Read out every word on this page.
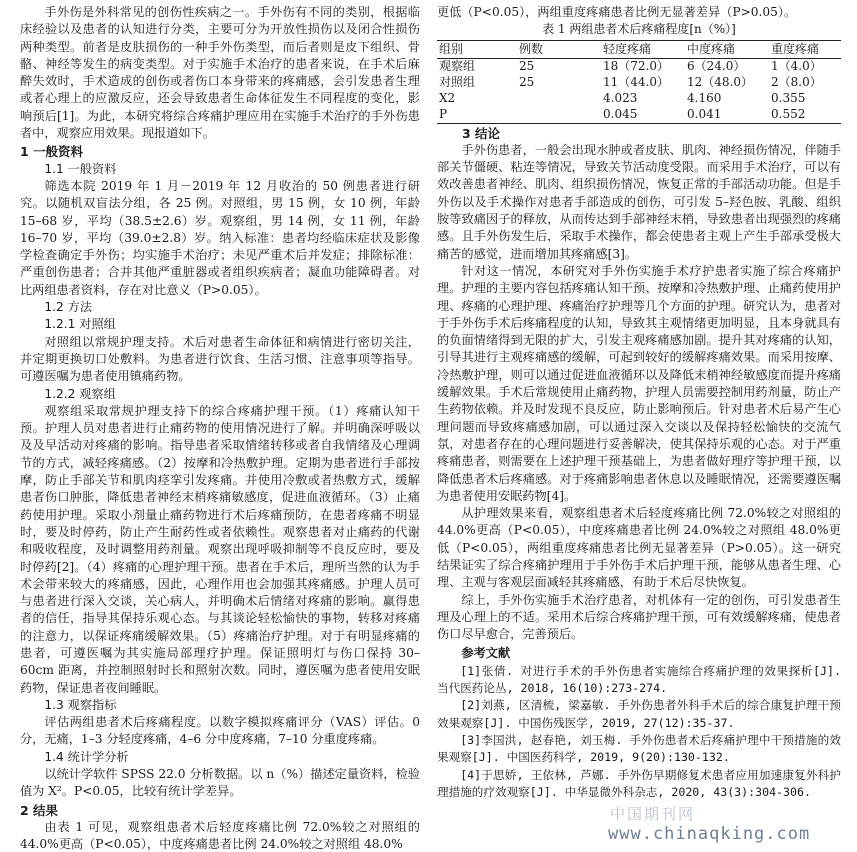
手外伤是外科常见的创伤性疾病之一。手外伤有不同的类别，根据临床经验以及患者的认知进行分类，主要可分为开放性损伤以及闭合性损伤两种类型。前者是皮肤损伤的一种手外伤类型，而后者则是皮下组织、骨骼、神经等发生的病变类型。对于实施手术治疗的患者来说，在手术后麻醉失效时，手术造成的创伤或者伤口本身带来的疼痛感，会引发患者生理或者心理上的应激反应，还会导致患者生命体征发生不同程度的变化，影响预后[1]。为此，本研究将综合疼痛护理应用在实施手术治疗的手外伤患者中，观察应用效果。现报道如下。

1 一般资料
1.1 一般资料

筛选本院 2019 年 1 月－2019 年 12 月收治的 50 例患者进行研究。以随机双盲法分组，各 25 例。对照组，男 15 例，女 10 例，年龄 15–68 岁，平均（38.5±2.6）岁。观察组，男 14 例，女 11 例，年龄 16–70 岁，平均（39.0±2.8）岁。纳入标准：患者均经临床症状及影像学检查确定手外伤；均实施手术治疗；未见严重术后并发症；排除标准：严重创伤患者；合并其他严重脏器或者组织疾病者；凝血功能障碍者。对比两组患者资料，存在对比意义（P>0.05）。

1.2 方法
1.2.1 对照组

对照组以常规护理支持。术后对患者生命体征和病情进行密切关注，并定期更换切口处敷料。为患者进行饮食、生活习惯、注意事项等指导。可遵医嘱为患者使用镇痛药物。

1.2.2 观察组

观察组采取常规护理支持下的综合疼痛护理干预。（1）疼痛认知干预。护理人员对患者进行止痛药物的使用情况进行了解。并明确深呼吸以及及早活动对疼痛的影响。指导患者采取情绪转移或者自我情绪及心理调节的方式，减轻疼痛感。（2）按摩和冷热敷护理。定期为患者进行手部按摩，防止手部关节和肌肉痉挛引发疼痛。并使用冷敷或者热敷方式，缓解患者伤口肿胀，降低患者神经末梢疼痛敏感度，促进血液循环。（3）止痛药使用护理。采取小剂量止痛药物进行术后疼痛预防，在患者疼痛不明显时，要及时停药，防止产生耐药性或者依赖性。观察患者对止痛药的代谢和吸收程度，及时调整用药剂量。观察出现呼吸抑制等不良反应时，要及时停药[2]。（4）疼痛的心理护理干预。患者在手术后，理所当然的认为手术会带来较大的疼痛感，因此，心理作用也会加强其疼痛感。护理人员可与患者进行深入交谈，关心病人，并明确术后情绪对疼痛的影响。赢得患者的信任，指导其保持乐观心态。与其谈论轻松愉快的事物，转移对疼痛的注意力，以保证疼痛缓解效果。（5）疼痛治疗护理。对于有明显疼痛的患者，可遵医嘱为其实施局部理疗护理。保证照明灯与伤口保持 30–60cm 距离，并控制照射时长和照射次数。同时，遵医嘱为患者使用安眠药物，保证患者夜间睡眠。

1.3 观察指标

评估两组患者术后疼痛程度。以数字模拟疼痛评分（VAS）评估。0 分，无痛，1–3 分轻度疼痛，4–6 分中度疼痛，7–10 分重度疼痛。

1.4 统计学分析

以统计学软件 SPSS 22.0 分析数据。以 n（%）描述定量资料，检验值为 X²。P<0.05，比较有统计学差异。

2 结果

由表 1 可见，观察组患者术后轻度疼痛比例 72.0%较之对照组的 44.0%更高（P<0.05），中度疼痛患者比例 24.0%较之对照组 48.0%

更低（P<0.05），两组重度疼痛患者比例无显著差异（P>0.05）。

表 1 两组患者术后疼痛程度[n（%）]
组别	例数	轻度疼痛	中度疼痛	重度疼痛
观察组	25	18（72.0）	6（24.0）	1（4.0）
对照组	25	11（44.0）	12（48.0）	2（8.0）
X2		4.023	4.160	0.355
P		0.045	0.041	0.552
3 结论

手外伤患者，一般会出现水肿或者皮肤、肌肉、神经损伤情况，伴随手部关节僵硬、粘连等情况，导致关节活动度受限。而采用手术治疗，可以有效改善患者神经、肌肉、组织损伤情况，恢复正常的手部活动功能。但是手外伤以及手术操作对患者手部造成的创伤，可引发 5–羟色胺、乳酸、组织胺等致痛因子的释放，从而传达到手部神经末梢，导致患者出现强烈的疼痛感。且手外伤发生后，采取手术操作，都会使患者主观上产生手部承受极大痛苦的感觉，进而增加其疼痛感[3]。

针对这一情况，本研究对手外伤实施手术疗护患者实施了综合疼痛护理。护理的主要内容包括疼痛认知干预、按摩和冷热敷护理、止痛药使用护理、疼痛的心理护理、疼痛治疗护理等几个方面的护理。研究认为，患者对于手外伤手术后疼痛程度的认知，导致其主观情绪更加明显，且本身就具有的负面情绪得到无限的扩大，引发主观疼痛感加剧。提升其对疼痛的认知，引导其进行主观疼痛感的缓解，可起到较好的缓解疼痛效果。而采用按摩、冷热敷护理，则可以通过促进血液循环以及降低末梢神经敏感度而提升疼痛缓解效果。手术后常规使用止痛药物，护理人员需要控制用药剂量，防止产生药物依赖。并及时发现不良反应，防止影响预后。针对患者术后易产生心理问题而导致疼痛感加剧，可以通过深入交谈以及保持轻松愉快的交流气氛，对患者存在的心理问题进行妥善解决，使其保持乐观的心态。对于严重疼痛患者，则需要在上述护理干预基础上，为患者做好理疗等护理干预，以降低患者术后疼痛感。对于疼痛影响患者休息以及睡眠情况，还需要遵医嘱为患者使用安眠药物[4]。

从护理效果来看，观察组患者术后轻度疼痛比例 72.0%较之对照组的 44.0%更高（P<0.05），中度疼痛患者比例 24.0%较之对照组 48.0%更低（P<0.05），两组重度疼痛患者比例无显著差异（P>0.05）。这一研究结果证实了综合疼痛护理用于手外伤手术后护理干预，能够从患者生理、心理、主观与客观层面减轻其疼痛感，有助于术后尽快恢复。

综上，手外伤实施手术治疗患者，对机体有一定的创伤，可引发患者生理及心理上的不适。采用术后综合疼痛护理干预，可有效缓解疼痛，使患者伤口尽早愈合，完善预后。

参考文献
[1]张倩. 对进行手术的手外伤患者实施综合疼痛护理的效果探析[J]. 当代医药论丛, 2018, 16(10):273-274.
[2]刘燕, 区清梳, 梁嘉敏. 手外伤患者外科手术后的综合康复护理干预效果观察[J]. 中国伤残医学, 2019, 27(12):35-37.
[3]李国洪, 赵春艳, 刘玉梅. 手外伤患者术后疼痛护理中干预措施的效果观察[J]. 中国医药科学, 2019, 9(20):130-132.
[4]于思娇, 王依林, 芦娜. 手外伤早期修复术患者应用加速康复外科护理措施的疗效观察[J]. 中华显微外科杂志, 2020, 43(3):304-306.
中国期刊网
www.chinaqking.com
